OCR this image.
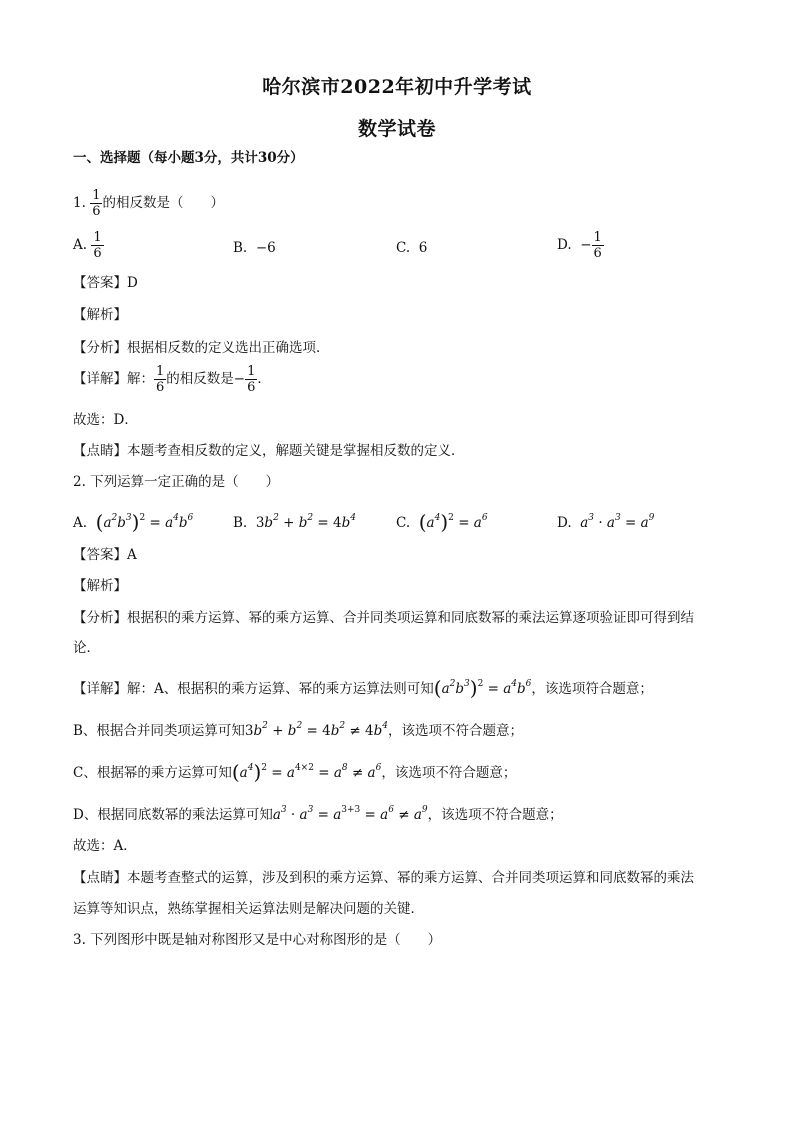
哈尔滨市2022年初中升学考试
数学试卷
一、选择题（每小题3分，共计30分）
1. $\frac{1}{6}$ 的相反数是（　　）
A. $\frac{1}{6}$	B. −6	C. 6	D. − $\frac{1}{6}$
【答案】D
【解析】
【分析】根据相反数的定义选出正确选项．
【详解】解： $\frac{1}{6}$ 的相反数是− $\frac{1}{6}$ ．
故选：D．
【点睛】本题考查相反数的定义，解题关键是掌握相反数的定义．
2. 下列运算一定正确的是（　　）
A. $(a^2b^3)^2 = a^4b^6$	B. $3b^2 + b^2 = 4b^4$	C. $(a^4)^2 = a^6$	D. $a^3 \cdot a^3 = a^9$
【答案】A
【解析】
【分析】根据积的乘方运算、幂的乘方运算、合并同类项运算和同底数幂的乘法运算逐项验证即可得到结
论．
【详解】解：A、根据积的乘方运算、幂的乘方运算法则可知$(a^2b^3)^2 = a^4b^6$，该选项符合题意；
B、根据合并同类项运算可知$3b^2 + b^2 = 4b^2 \ne 4b^4$，该选项不符合题意；
C、根据幂的乘方运算可知$(a^4)^2 = a^{4\times 2} = a^8 \ne a^6$，该选项不符合题意；
D、根据同底数幂的乘法运算可知$a^3 \cdot a^3 = a^{3+3} = a^6 \ne a^9$，该选项不符合题意；
故选：A．
【点睛】本题考查整式的运算，涉及到积的乘方运算、幂的乘方运算、合并同类项运算和同底数幂的乘法
运算等知识点，熟练掌握相关运算法则是解决问题的关键．
3. 下列图形中既是轴对称图形又是中心对称图形的是（　　）
